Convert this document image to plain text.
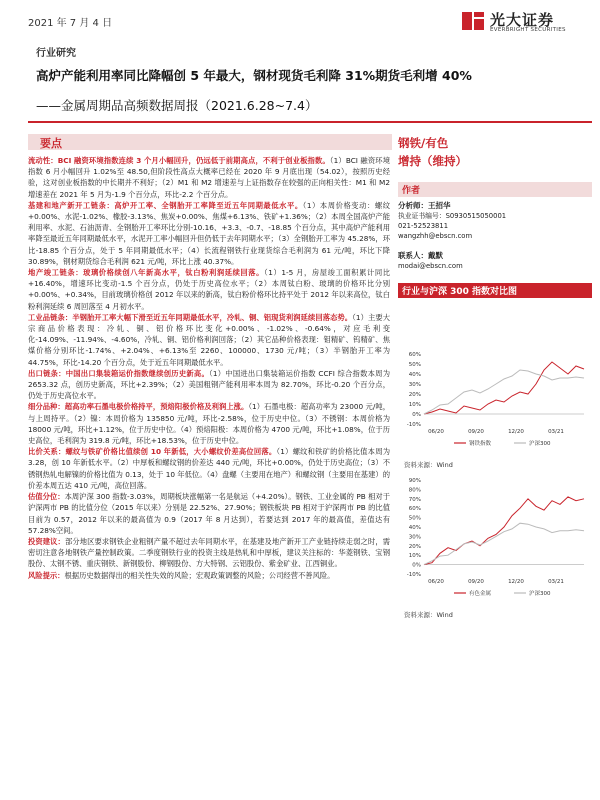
2021 年 7 月 4 日	光大证券
EVERBRIGHT SECURITIES
行业研究
高炉产能利用率同比降幅创 5 年最大，钢材现货毛利降 31%期货毛利增 40%
——金属周期品高频数据周报（2021.6.28~7.4）
要点

流动性：BCI 融资环境指数连续 3 个月小幅回升，仍远低于前期高点，不利于创业板指数。（1）BCI 融资环境指数 6 月小幅回升 1.02%至 48.50,但阶段性高点大概率已经在 2020 年 9 月底出现（54.02），按照历史经验，这对创业板指数的中长期并不利好；（2）M1 和 M2 增速差与上证指数存在较强的正向相关性：M1 和 M2 增速差在 2021 年 5 月为-1.9 个百分点，环比-2.2 个百分点。

基建和地产新开工链条：高炉开工率、全钢胎开工率降至近五年同期最低水平。（1）本周价格变动：螺纹+0.00%、水泥-1.02%、橡胶-3.13%、焦炭+0.00%、焦煤+6.13%、铁矿+1.36%；（2）本周全国高炉产能利用率、水泥、石油沥青、全钢胎开工率环比分别-10.16、+3.3、-0.7、-18.85 个百分点，其中高炉产能利用率降至最近五年同期最低水平，水泥开工率小幅回升但仍低于去年同期水平；（3）全钢胎开工率为 45.28%，环比-18.85 个百分点，处于 5 年同期最低水平；（4）长流程钢铁行业现货综合毛利润为 61 元/吨，环比下降 30.89%，钢材期货综合毛利润 621 元/吨，环比上涨 40.37%。

地产竣工链条：玻璃价格续创八年新高水平，钛白粉利润延续回落。（1）1-5 月，房屋竣工面积累计同比+16.40%，增速环比变动-1.5 个百分点，仍处于历史高位水平；（2）本周钛白粉、玻璃的价格环比分别+0.00%、+0.34%，目前玻璃价格创 2012 年以来的新高，钛白粉价格环比持平处于 2012 年以来高位，钛白粉利润延续 6 周回落至 4 月初水平。

工业品链条：半钢胎开工率大幅下滑至近五年同期最低水平，冷轧、铜、铝现货利润延续回落态势。（1）主要大宗商品价格表现：冷轧、铜、铝价格环比变化+0.00%、-1.02%、-0.64%，对应毛利变化-14.09%、-11.94%、-4.60%，冷轧、铜、铝价格利润回落；（2）其它品种价格表现：钼精矿、钨精矿、焦煤价格分别环比-1.74%、+2.04%、+6.13%至 2260、100000、1730 元/吨；（3）半钢胎开工率为 44.75%，环比-14.20 个百分点，处于近五年同期最低水平。

出口链条：中国出口集装箱运价指数继续创历史新高。（1）中国进出口集装箱运价指数 CCFI 综合指数本周为 2653.32 点，创历史新高，环比+2.39%；（2）美国粗钢产能利用率本周为 82.70%，环比-0.20 个百分点，仍处于历史高位水平。

细分品种：超高功率石墨电极价格持平，预焙阳极价格及利润上涨。（1）石墨电极：超高功率为 23000 元/吨，与上周持平。（2）镍：本周价格为 135850 元/吨，环比-2.58%，位于历史中位。（3）不锈钢：本周价格为 18000 元/吨，环比+1.12%，位于历史中位。（4）预焙阳极：本周价格为 4700 元/吨，环比+1.08%，位于历史高位，毛利润为 319.8 元/吨，环比+18.53%，位于历史中位。

比价关系：螺纹与铁矿价格比值续创 10 年新低，大小螺纹价差高位回落。（1）螺纹和铁矿的价格比值本周为 3.28，创 10 年新低水平。（2）中厚板和螺纹钢的价差达 440 元/吨，环比+0.00%，仍处于历史高位；（3）不锈钢热轧电解镍的价格比值为 0.13，处于 10 年低位。（4）盘螺（主要用在地产）和螺纹钢（主要用在基建）的价差本周五达 410 元/吨，高位回落。

估值分位：本周沪深 300 指数-3.03%，周期板块涨幅第一名是航运（+4.20%）。钢铁、工业金属的 PB 相对于沪深两市 PB 的比值分位（2015 年以来）分别是 22.52%、27.90%；钢铁板块 PB 相对于沪深两市 PB 的比值目前为 0.57，2012 年以来的最高值为 0.9（2017 年 8 月达到），若要达到 2017 年的最高值，差值达有 57.28%空间。

投资建议：部分地区要求钢铁企业粗钢产量不超过去年同期水平，在基建及地产新开工产业链持续走弱之时，需密切注意各地钢铁产量控制政策。二季度钢铁行业的投资主线是热轧和中厚板，建议关注标的：华菱钢铁、宝钢股份、太钢不锈、重庆钢铁、新钢股份、柳钢股份、方大特钢、云铝股份、紫金矿业、江西铜业。

风险提示：根据历史数据得出的相关性失效的风险；宏观政策调整的风险；公司经营不善风险。

钢铁/有色
增持（维持）
作者
分析师：王招华
执业证书编号：S0930515050001
021-52523811
wangzhh@ebscn.com
联系人：戴默
modai@ebscn.com
行业与沪深 300 指数对比图
-10%
0%
10%
20%
30%
40%
50%
60%
06/20	09/20	12/20	03/21
钢铁指数	沪深300
资料来源：Wind
-10%
0%
10%
20%
30%
40%
50%
60%
70%
80%
90%
06/20	09/20	12/20	03/21
有色金属	沪深300
资料来源：Wind
